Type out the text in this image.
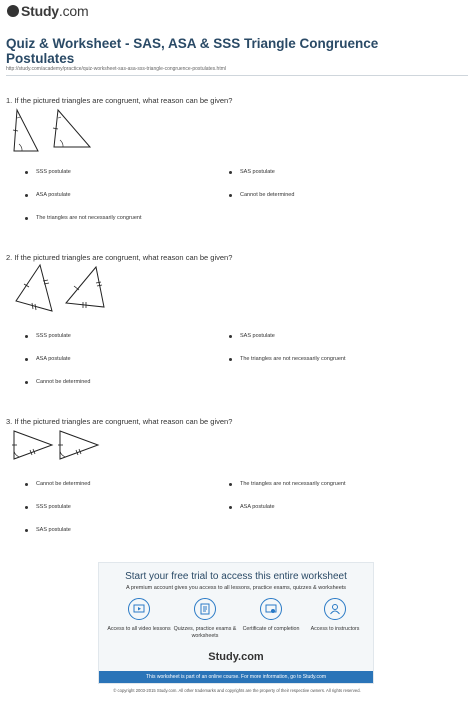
Study.com
Quiz & Worksheet - SAS, ASA & SSS Triangle Congruence Postulates
http://study.com/academy/practice/quiz-worksheet-sas-asa-sss-triangle-congruence-postulates.html
1. If the pictured triangles are congruent, what reason can be given?
SSS postulate	SAS postulate
ASA postulate	Cannot be determined
The triangles are not necessarily congruent
2. If the pictured triangles are congruent, what reason can be given?
SSS postulate	SAS postulate
ASA postulate	The triangles are not necessarily congruent
Cannot be determined
3. If the pictured triangles are congruent, what reason can be given?
Cannot be determined	The triangles are not necessarily congruent
SSS postulate	ASA postulate
SAS postulate
Start your free trial to access this entire worksheet
A premium account gives you access to all lessons, practice exams, quizzes & worksheets
Access to all video lessons Quizzes, practice exams & worksheets
Certificate of completion	Access to instructors
Study.com
This worksheet is part of an online course. For more information, go to Study.com
© copyright 2003-2015 Study.com. All other trademarks and copyrights are the property of their respective owners. All rights reserved.
